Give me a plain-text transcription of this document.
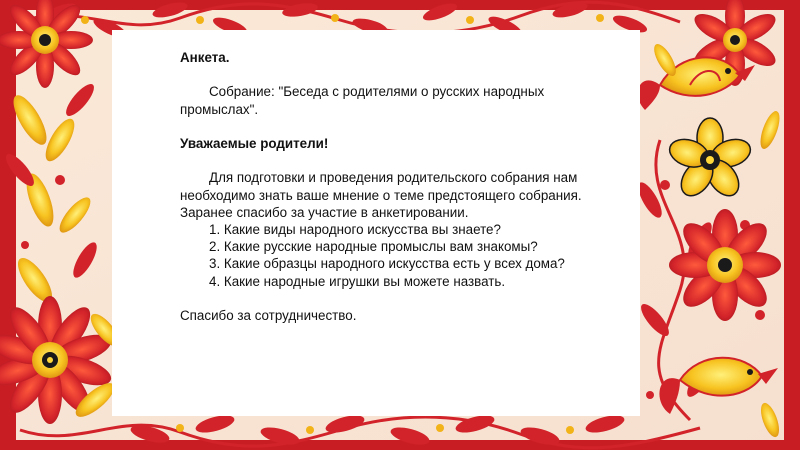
Анкета.

Собрание: "Беседа с родителями о русских народных промыслах".

Уважаемые родители!

Для подготовки и проведения родительского собрания нам необходимо знать ваше мнение о теме предстоящего собрания. Заранее спасибо за участие в анкетировании.

1. Какие виды народного искусства вы знаете?

2. Какие русские народные промыслы вам знакомы?

3. Какие образцы народного искусства есть у всех дома?

4. Какие народные игрушки вы можете назвать.

Спасибо за сотрудничество.
